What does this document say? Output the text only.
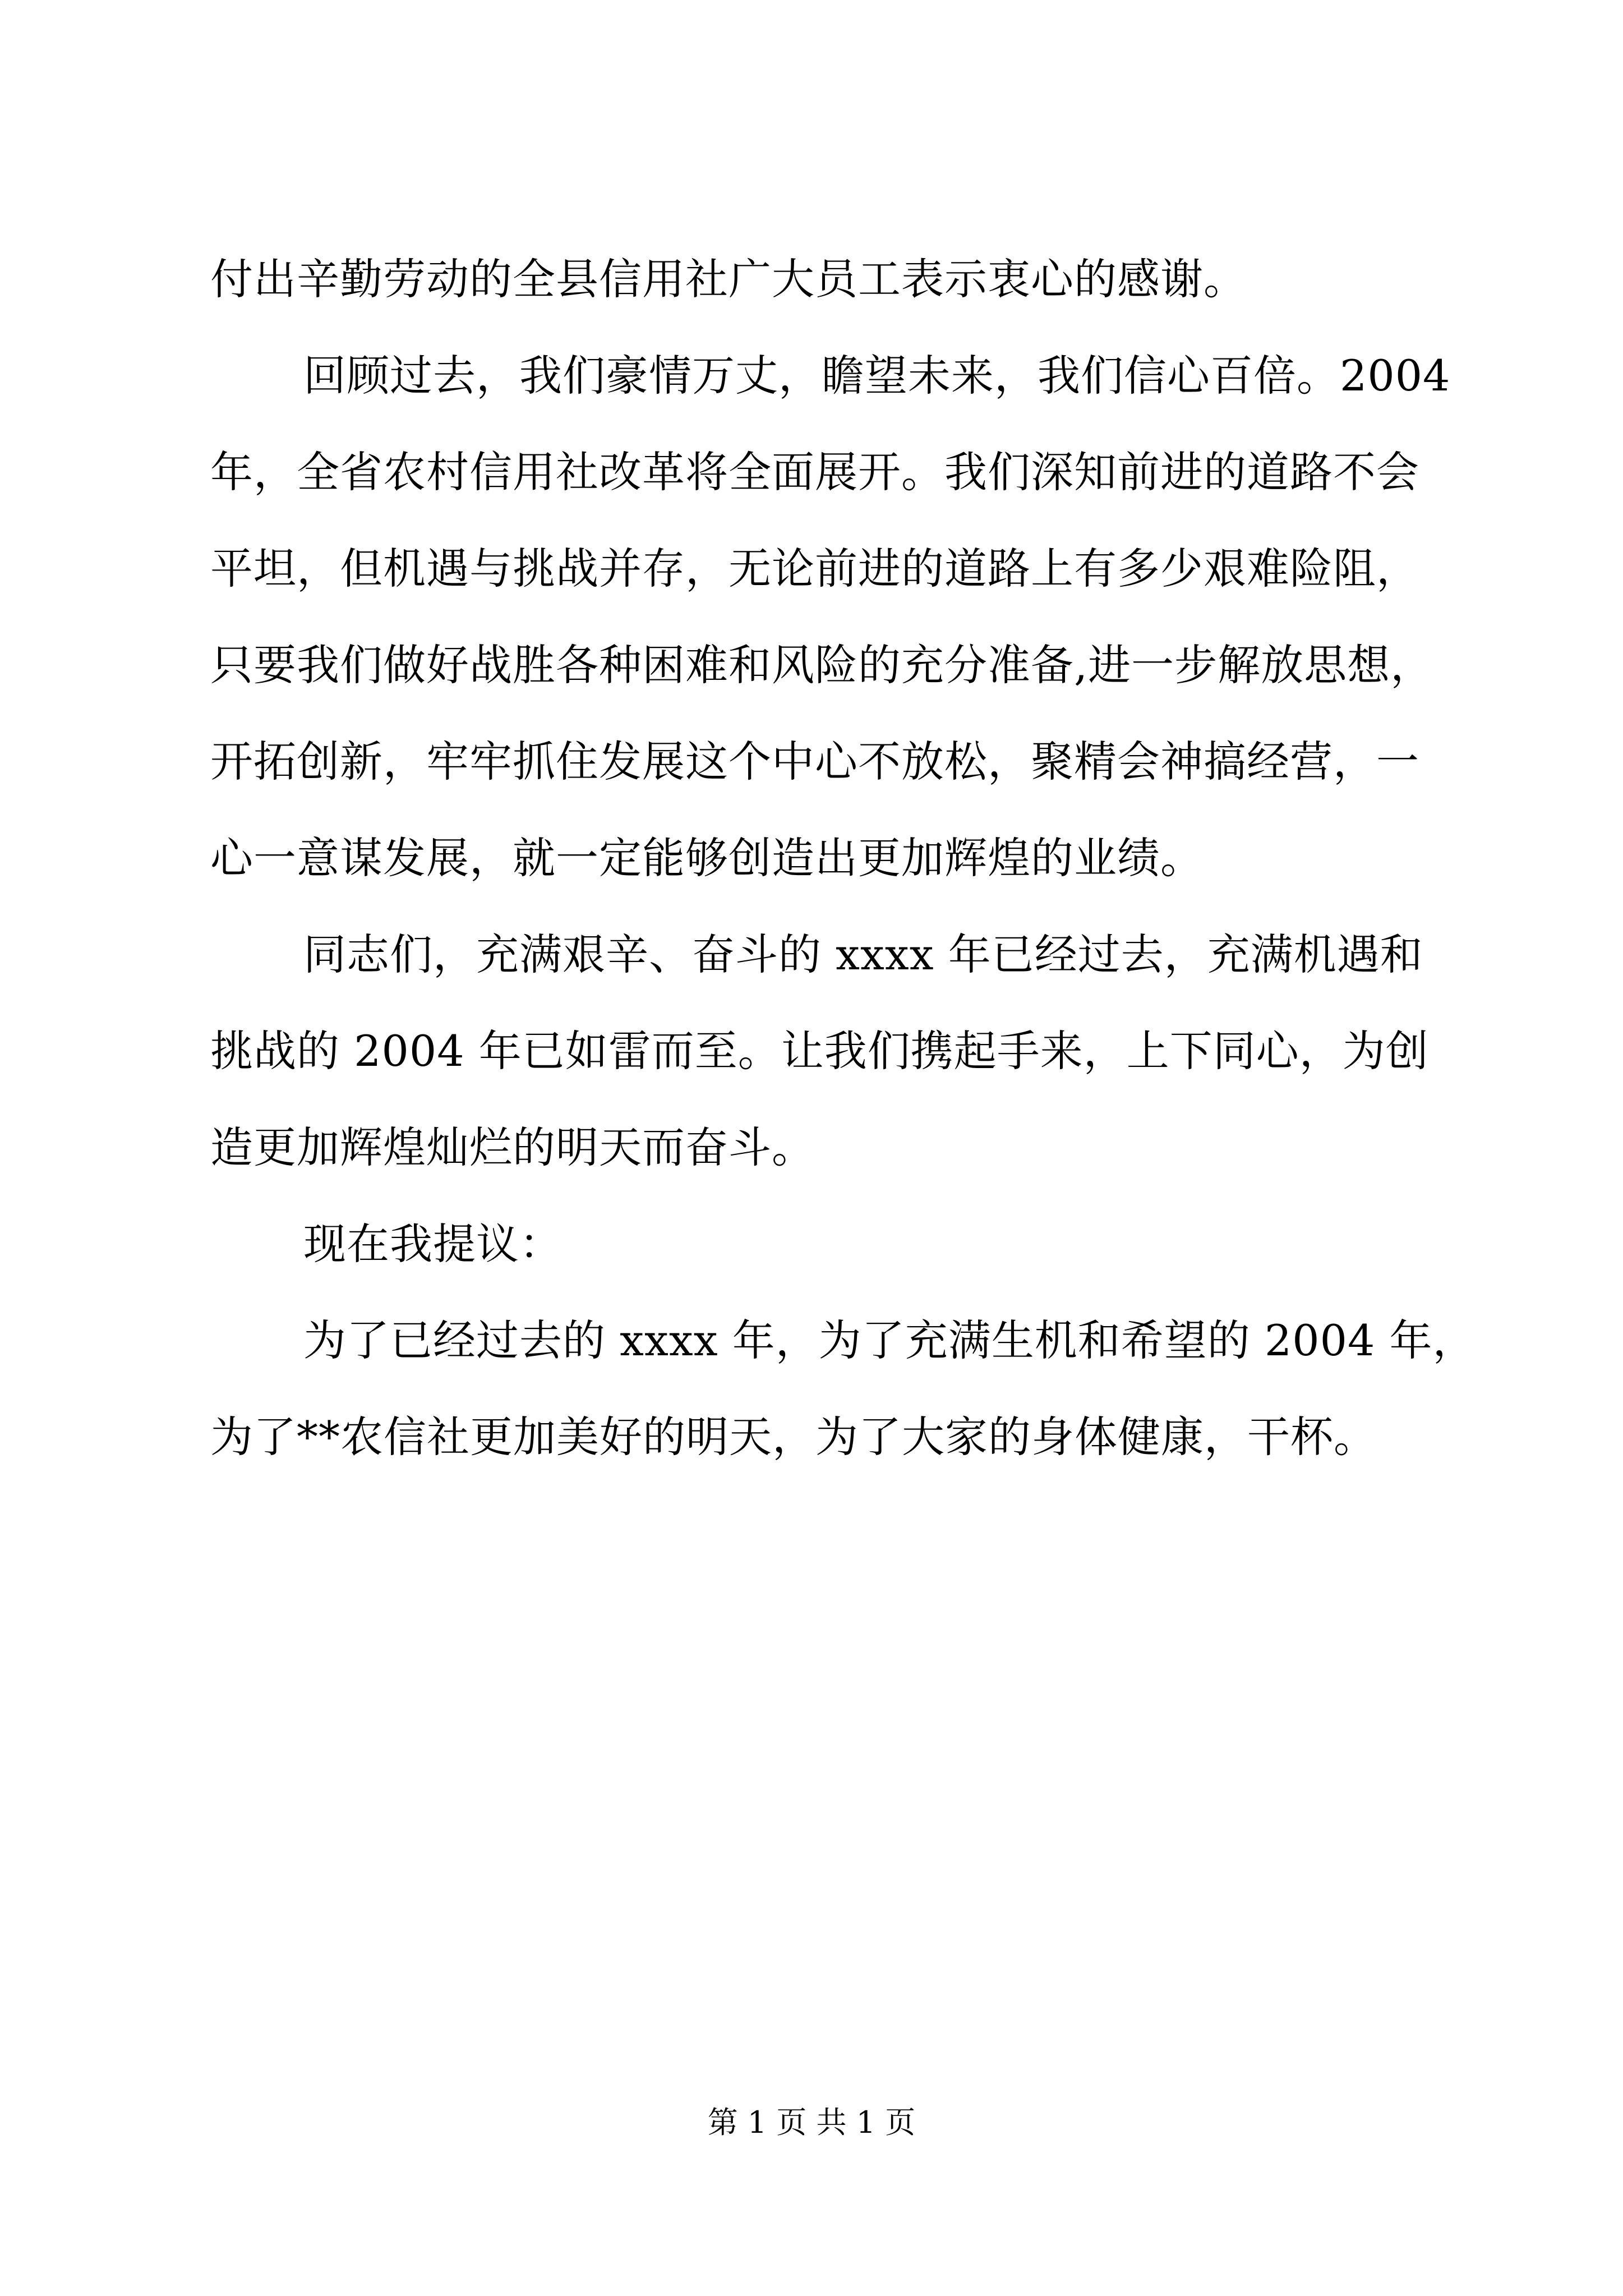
付出辛勤劳动的全县信用社广大员工表示衷心的感谢。
回顾过去，我们豪情万丈，瞻望未来，我们信心百倍。2004
年，全省农村信用社改革将全面展开。我们深知前进的道路不会
平坦，但机遇与挑战并存，无论前进的道路上有多少艰难险阻，
只要我们做好战胜各种困难和风险的充分准备,进一步解放思想，
开拓创新，牢牢抓住发展这个中心不放松，聚精会神搞经营，一
心一意谋发展，就一定能够创造出更加辉煌的业绩。
同志们，充满艰辛、奋斗的 xxxx 年已经过去，充满机遇和
挑战的 2004 年已如雷而至。让我们携起手来，上下同心，为创
造更加辉煌灿烂的明天而奋斗。
现在我提议：
为了已经过去的 xxxx 年，为了充满生机和希望的 2004 年，
为了**农信社更加美好的明天，为了大家的身体健康，干杯。
第 1 页 共 1 页
